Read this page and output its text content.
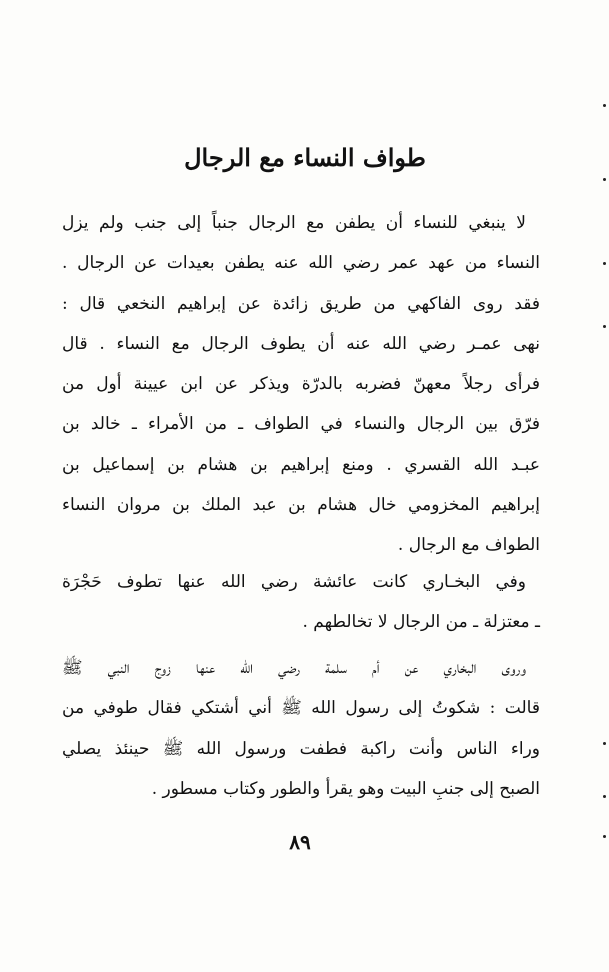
طواف النساء مع الرجال

لا ينبغي للنساء أن يطفن مع الرجال جنباً إلى جنب ولم يزل
النساء من عهد عمر رضي الله عنه يطفن بعيدات عن الرجال .
فقد روى الفاكهي من طريق زائدة عن إبراهيم النخعي قال :
نهى عمـر رضي الله عنه أن يطوف الرجال مع النساء . قال
فرأى رجلاً معهنّ فضربه بالدرّة ويذكر عن ابن عيينة أول من
فرّق بين الرجال والنساء في الطواف ـ من الأمراء ـ خالد بن
عبـد الله القسري . ومنع إبراهيم بن هشام بن إسماعيل بن
إبراهيم المخزومي خال هشام بن عبد الملك بن مروان النساء
الطواف مع الرجال .

وفي البخـاري كانت عائشة رضي الله عنها تطوف حَجْرَة
ـ معتزلة ـ من الرجال لا تخالطهم .

وروى البخاري عن أم سلمة رضي الله عنها زوج النبي ﷺ
قالت : شكوتُ إلى رسول الله ﷺ أني أشتكي فقال طوفي من
وراء الناس وأنت راكبة فطفت ورسول الله ﷺ حينئذ يصلي
الصبح إلى جنبِ البيت وهو يقرأ والطور وكتاب مسطور .

٨٩
